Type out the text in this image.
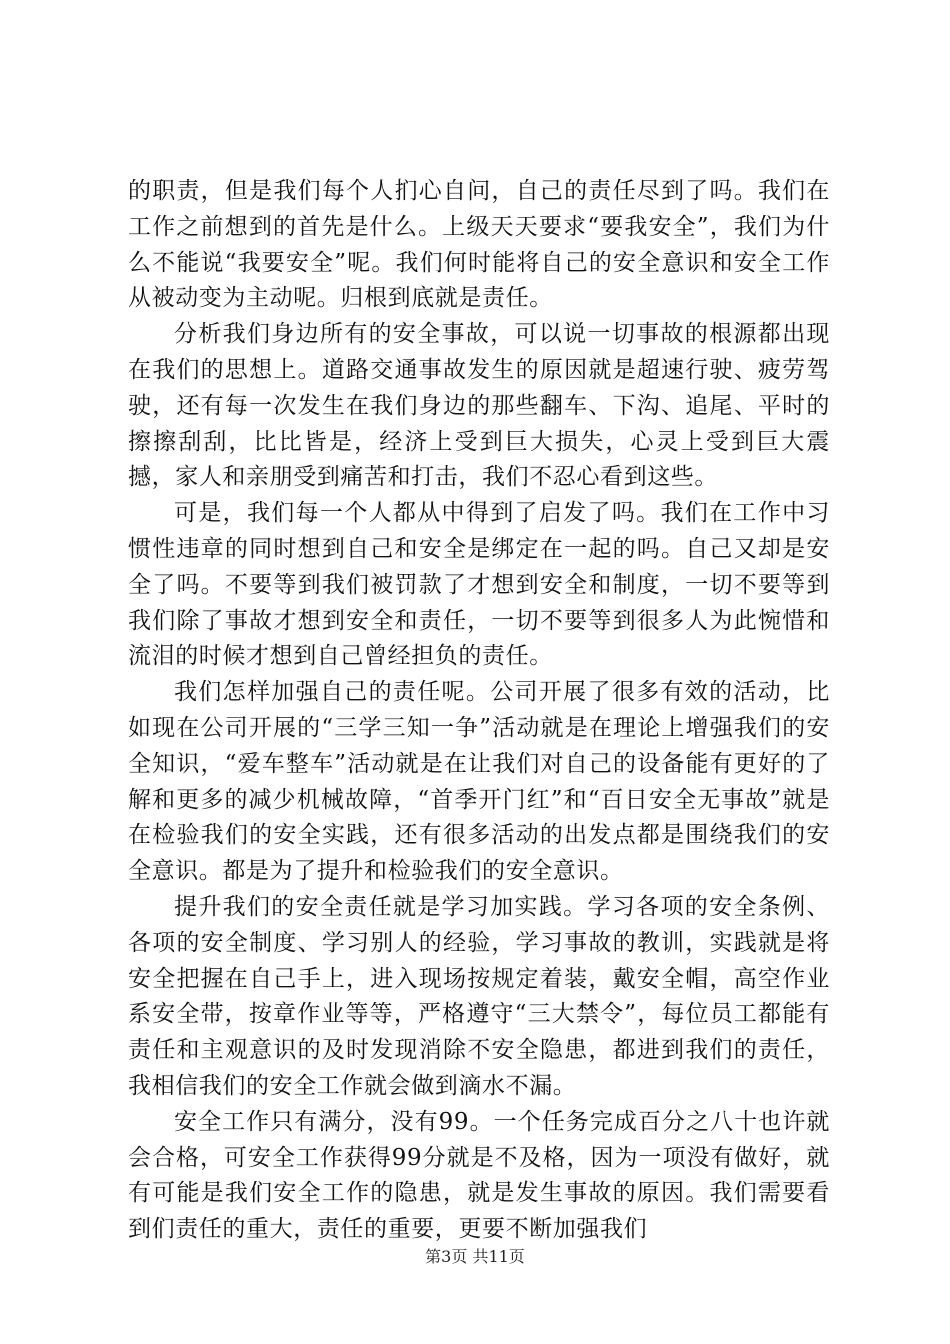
的职责，但是我们每个人扪心自问，自己的责任尽到了吗。我们在工作之前想到的首先是什么。上级天天要求“要我安全”，我们为什么不能说“我要安全”呢。我们何时能将自己的安全意识和安全工作从被动变为主动呢。归根到底就是责任。

分析我们身边所有的安全事故，可以说一切事故的根源都出现在我们的思想上。道路交通事故发生的原因就是超速行驶、疲劳驾驶，还有每一次发生在我们身边的那些翻车、下沟、追尾、平时的擦擦刮刮，比比皆是，经济上受到巨大损失，心灵上受到巨大震撼，家人和亲朋受到痛苦和打击，我们不忍心看到这些。

可是，我们每一个人都从中得到了启发了吗。我们在工作中习惯性违章的同时想到自己和安全是绑定在一起的吗。自己又却是安全了吗。不要等到我们被罚款了才想到安全和制度，一切不要等到我们除了事故才想到安全和责任，一切不要等到很多人为此惋惜和流泪的时候才想到自己曾经担负的责任。

我们怎样加强自己的责任呢。公司开展了很多有效的活动，比如现在公司开展的“三学三知一争”活动就是在理论上增强我们的安全知识，“爱车整车”活动就是在让我们对自己的设备能有更好的了解和更多的减少机械故障，“首季开门红”和“百日安全无事故”就是在检验我们的安全实践，还有很多活动的出发点都是围绕我们的安全意识。都是为了提升和检验我们的安全意识。

提升我们的安全责任就是学习加实践。学习各项的安全条例、各项的安全制度、学习别人的经验，学习事故的教训，实践就是将安全把握在自己手上，进入现场按规定着装，戴安全帽，高空作业系安全带，按章作业等等，严格遵守“三大禁令”，每位员工都能有责任和主观意识的及时发现消除不安全隐患，都进到我们的责任，我相信我们的安全工作就会做到滴水不漏。

安全工作只有满分，没有99。一个任务完成百分之八十也许就会合格，可安全工作获得99分就是不及格，因为一项没有做好，就有可能是我们安全工作的隐患，就是发生事故的原因。我们需要看到们责任的重大，责任的重要，更要不断加强我们

第3页 共11页
